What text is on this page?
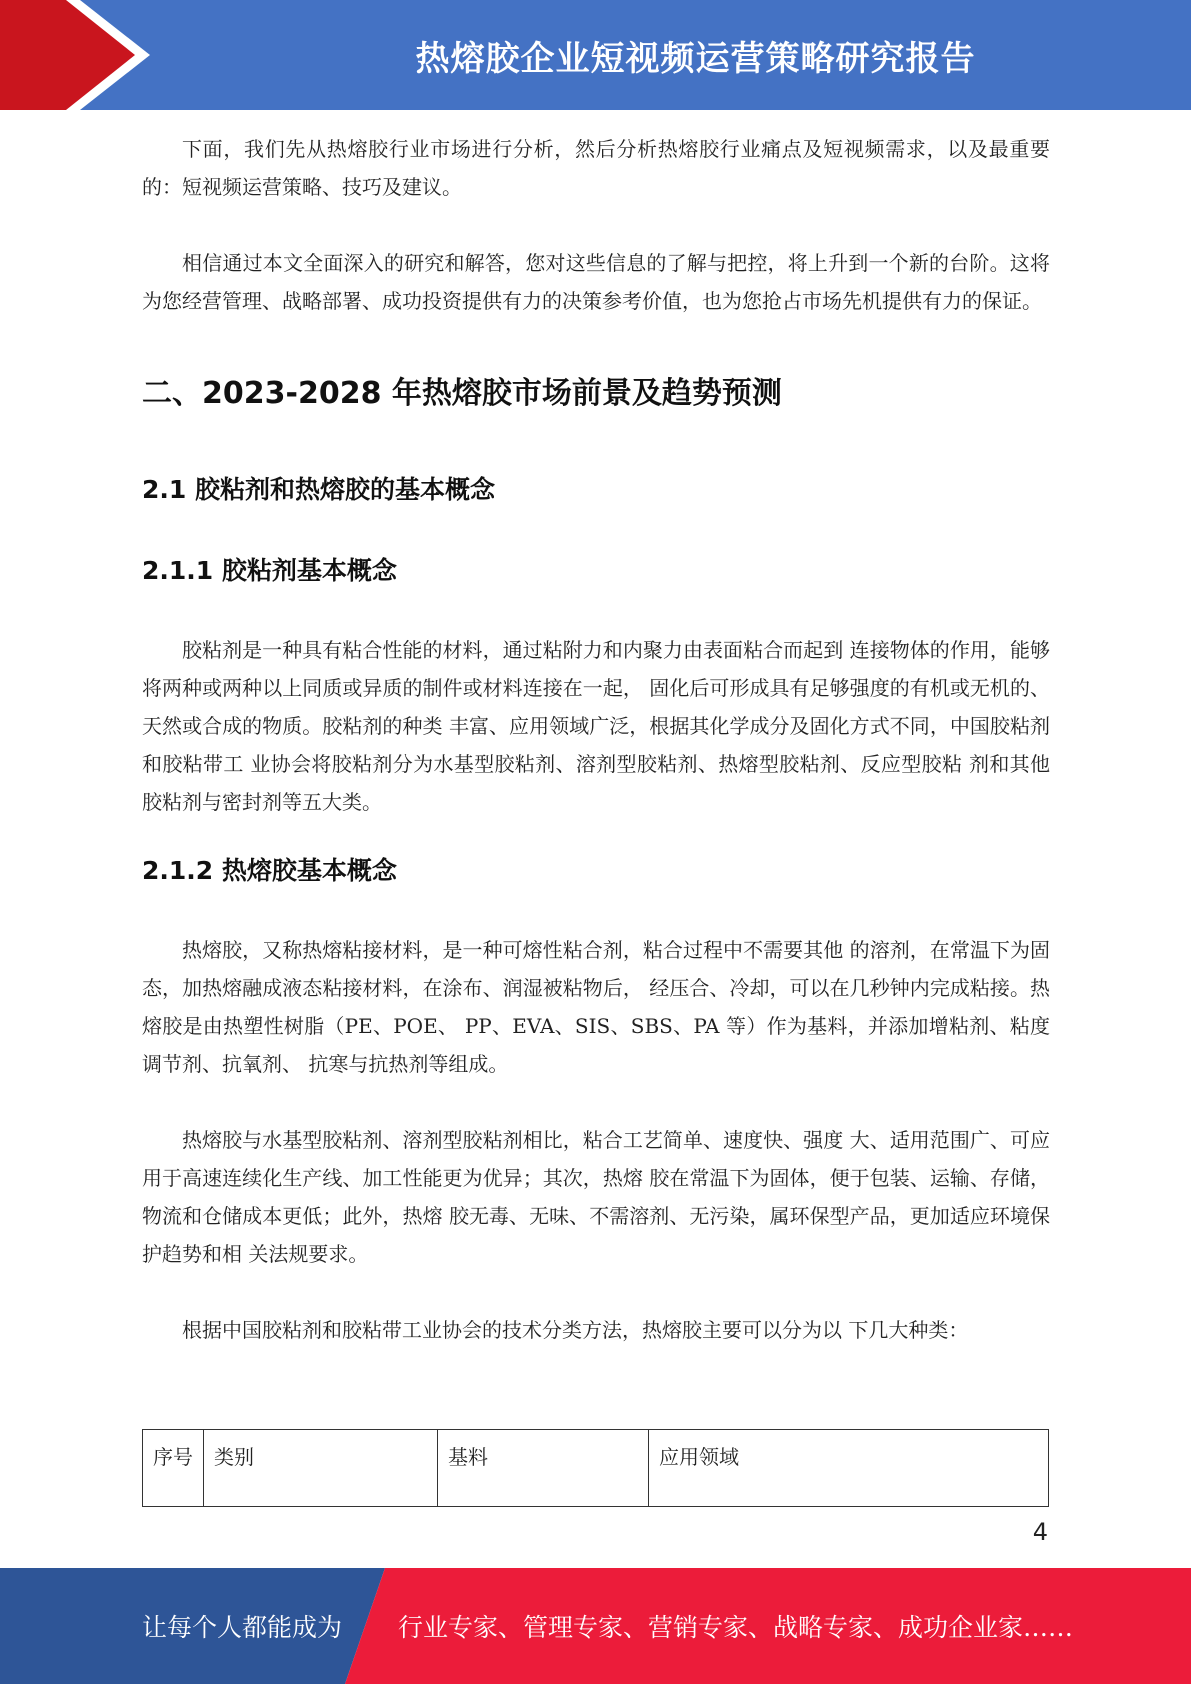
热熔胶企业短视频运营策略研究报告

下面，我们先从热熔胶行业市场进行分析，然后分析热熔胶行业痛点及短视频需求，以及最重要的：短视频运营策略、技巧及建议。

相信通过本文全面深入的研究和解答，您对这些信息的了解与把控，将上升到一个新的台阶。这将为您经营管理、战略部署、成功投资提供有力的决策参考价值，也为您抢占市场先机提供有力的保证。

二、2023-2028 年热熔胶市场前景及趋势预测
2.1 胶粘剂和热熔胶的基本概念
2.1.1 胶粘剂基本概念

胶粘剂是一种具有粘合性能的材料，通过粘附力和内聚力由表面粘合而起到 连接物体的作用，能够将两种或两种以上同质或异质的制件或材料连接在一起， 固化后可形成具有足够强度的有机或无机的、天然或合成的物质。胶粘剂的种类 丰富、应用领域广泛，根据其化学成分及固化方式不同，中国胶粘剂和胶粘带工 业协会将胶粘剂分为水基型胶粘剂、溶剂型胶粘剂、热熔型胶粘剂、反应型胶粘 剂和其他胶粘剂与密封剂等五大类。

2.1.2 热熔胶基本概念

热熔胶，又称热熔粘接材料，是一种可熔性粘合剂，粘合过程中不需要其他 的溶剂，在常温下为固态，加热熔融成液态粘接材料，在涂布、润湿被粘物后， 经压合、冷却，可以在几秒钟内完成粘接。热熔胶是由热塑性树脂（PE、POE、 PP、EVA、SIS、SBS、PA 等）作为基料，并添加增粘剂、粘度调节剂、抗氧剂、 抗寒与抗热剂等组成。

热熔胶与水基型胶粘剂、溶剂型胶粘剂相比，粘合工艺简单、速度快、强度 大、适用范围广、可应用于高速连续化生产线、加工性能更为优异；其次，热熔 胶在常温下为固体，便于包装、运输、存储，物流和仓储成本更低；此外，热熔 胶无毒、无味、不需溶剂、无污染，属环保型产品，更加适应环境保护趋势和相 关法规要求。

根据中国胶粘剂和胶粘带工业协会的技术分类方法，热熔胶主要可以分为以 下几大种类：

序号	类别	基料	应用领域
4
让每个人都能成为 行业专家、管理专家、营销专家、战略专家、成功企业家……
